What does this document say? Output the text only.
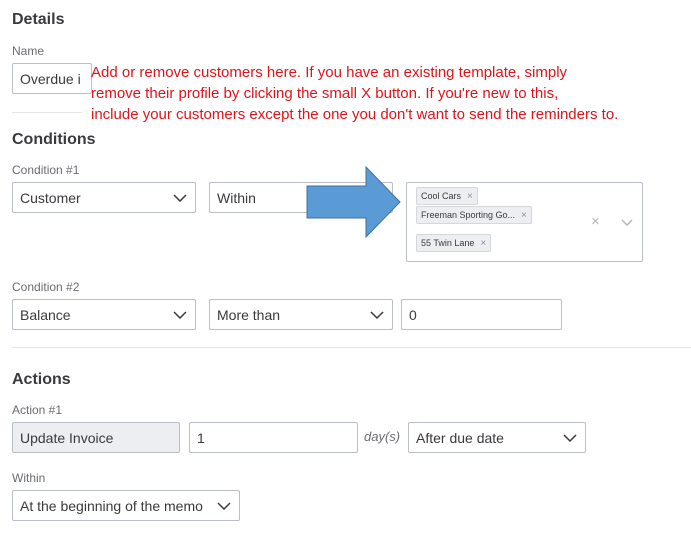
Details
Name
Overdue i Add or remove customers here. If you have an existing template, simply
remove their profile by clicking the small X button. If you're new to this,
include your customers except the one you don't want to send the reminders to.
Conditions
Condition #1
Customer	Within	Cool Cars ×
Freeman Sporting Go... ×
55 Twin Lane ×
×
Condition #2
Balance	More than	0
Actions
Action #1
Update Invoice	1	day(s) After due date
Within
At the beginning of the memo
